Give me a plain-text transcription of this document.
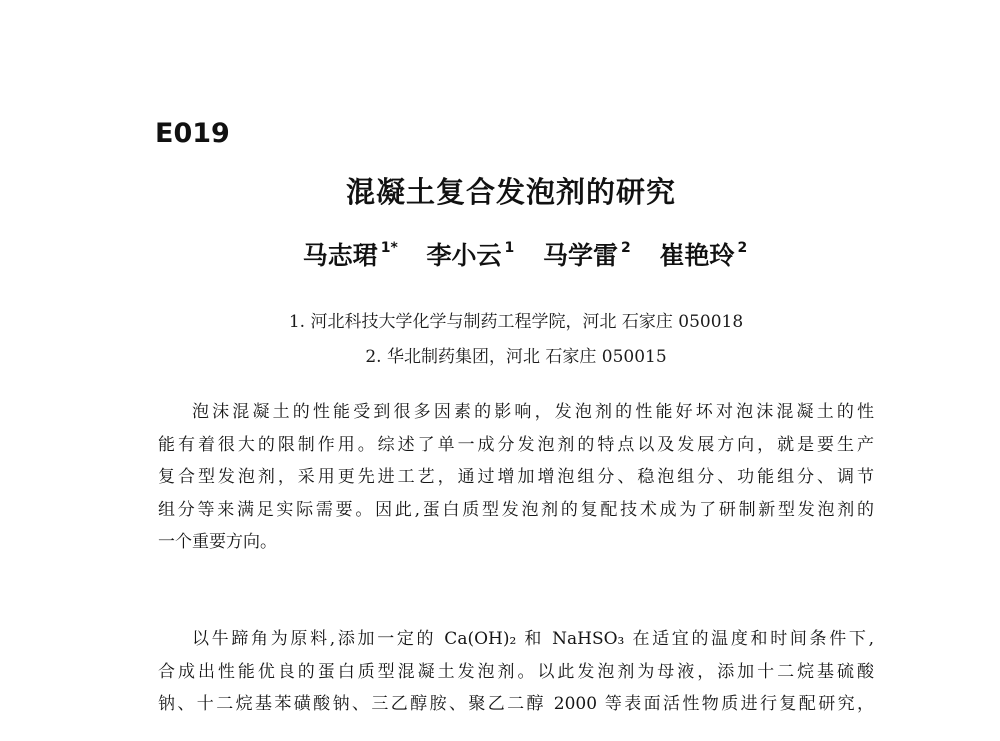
E019
混凝土复合发泡剂的研究
马志珺 $^{1*}$ 李小云 $^1$ 马学雷 $^2$ 崔艳玲 $^2$
1. 河北科技大学化学与制药工程学院，河北 石家庄 050018
2. 华北制药集团，河北 石家庄 050015
泡沫混凝土的性能受到很多因素的影响，发泡剂的性能好坏对泡沫混凝土的性
能有着很大的限制作用。综述了单一成分发泡剂的特点以及发展方向，就是要生产
复合型发泡剂，采用更先进工艺，通过增加增泡组分、稳泡组分、功能组分、调节
组分等来满足实际需要。因此,蛋白质型发泡剂的复配技术成为了研制新型发泡剂的
一个重要方向。
以牛蹄角为原料,添加一定的 Ca(OH)₂ 和 NaHSO₃ 在适宜的温度和时间条件下,
合成出性能优良的蛋白质型混凝土发泡剂。以此发泡剂为母液，添加十二烷基硫酸
钠、十二烷基苯磺酸钠、三乙醇胺、聚乙二醇 2000 等表面活性物质进行复配研究，
